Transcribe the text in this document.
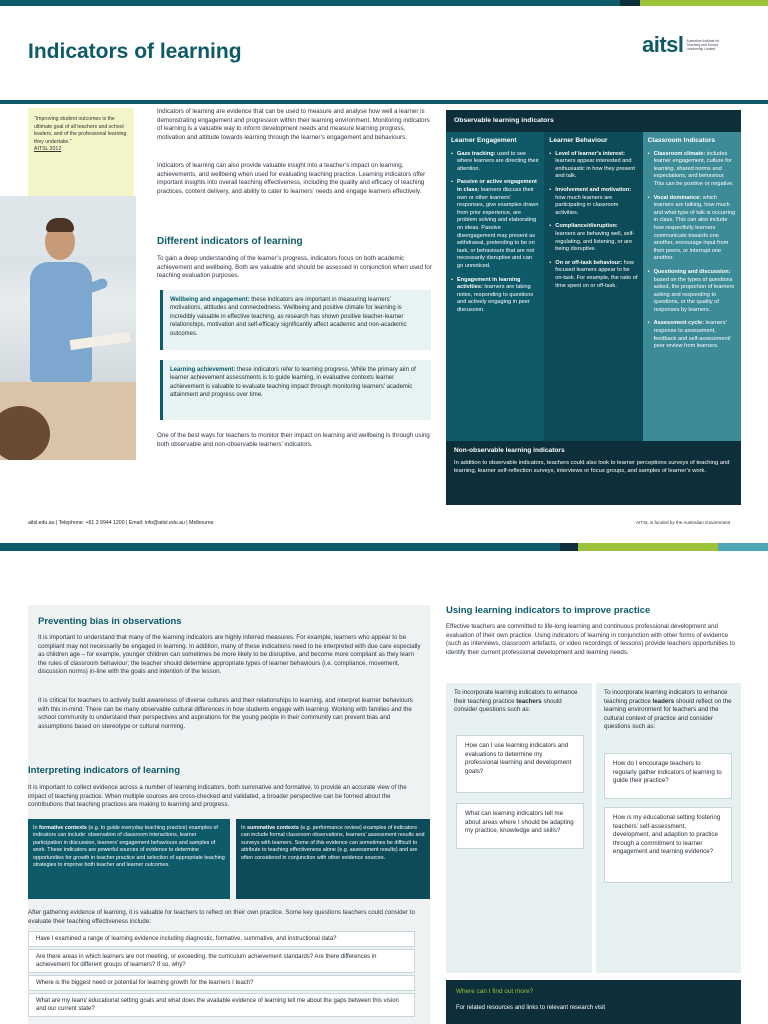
Indicators of learning	aitsl Australian Institute for Teaching and School Leadership Limited
“Improving student outcomes is the ultimate goal of all teachers and school leaders, and of the professional learning they undertake.”
AITSL 2012
Indicators of learning are evidence that can be used to measure and analyse how well a learner is demonstrating engagement and progression within their learning environment. Monitoring indicators of learning is a valuable way to inform development needs and measure learning progress, motivation and attitude towards learning through the learner’s engagement and behaviours.
Indicators of learning can also provide valuable insight into a teacher’s impact on learning, achievements, and wellbeing when used for evaluating teaching practice. Learning indicators offer important insights into overall teaching effectiveness, including the quality and efficacy of teaching practices, content delivery, and ability to cater to learners’ needs and engage learners effectively.
Different indicators of learning
To gain a deep understanding of the learner’s progress, indicators focus on both academic achievement and wellbeing. Both are valuable and should be assessed in conjunction when used for teaching evaluation purposes.
Wellbeing and engagement: these indicators are important in measuring learners’ motivations, attitudes and connectedness. Wellbeing and positive climate for learning is incredibly valuable in effective teaching, as research has shown positive teacher-learner relationships, motivation and self-efficacy significantly affect academic and non-academic outcomes.
Learning achievement: these indicators refer to learning progress. While the primary aim of learner achievement assessments is to guide learning, in evaluative contexts learner achievement is valuable to evaluate teaching impact through monitoring learners’ academic attainment and progress over time.
One of the best ways for teachers to monitor their impact on learning and wellbeing is through using both observable and non-observable learners’ indicators.
Observable learning indicators
Learner Engagement
• Gaze tracking: used to see where learners are directing their attention.
• Passive or active engagement in class: learners discuss their own or other learners’ responses, give examples drawn from prior experience, are problem solving and elaborating on ideas. Passive disengagement may present as withdrawal, pretending to be on task, or behaviours that are not necessarily disruptive and can go unnoticed.
• Engagement in learning activities: learners are taking notes, responding to questions and actively engaging in peer discussion.
Learner Behaviour
• Level of learner’s interest: learners appear interested and enthusiastic in how they present and talk.
• Involvement and motivation: how much learners are participating in classroom activities.
• Compliance/disruption: learners are behaving well, self-regulating, and listening, or are being disruptive.
• On or off-task behaviour: how focused learners appear to be on-task. For example, the ratio of time spent on or off-task.
Classroom Indicators
• Classroom climate: includes learner engagement, culture for learning, shared norms and expectations, and behaviour. This can be positive or negative.
• Vocal dominance: which learners are talking, how much and what type of talk is occurring in class. This can also include how respectfully learners communicate towards one another, encourage input from their peers, or interrupt one another.
• Questioning and discussion: based on the types of questions asked, the proportion of learners asking and responding to questions, or the quality of responses by learners.
• Assessment cycle: learners’ response to assessment, feedback and self-assessment/ peer review from learners.
Non-observable learning indicators
In addition to observable indicators, teachers could also look to learner perceptions surveys of teaching and learning, learner self-reflection surveys, interviews or focus groups, and samples of learner’s work.
aitsl.edu.au | Telephone: +61 3 9944 1200 | Email: info@aitsl.edu.au | Melbourne	AITSL is funded by the Australian Government
Preventing bias in observations
It is important to understand that many of the learning indicators are highly inferred measures. For example, learners who appear to be compliant may not necessarily be engaged in learning. In addition, many of these indications need to be interpreted with due care especially as children age – for example, younger children can sometimes be more likely to be disruptive, and become more compliant as they learn the rules of classroom behaviour; the teacher should determine appropriate types of learner behaviours (i.e. compliance, movement, discussion norms) in-line with the goals and intention of the lesson.
It is critical for teachers to actively build awareness of diverse cultures and their relationships to learning, and interpret learner behaviours with this in-mind. There can be many observable cultural differences in how students engage with learning. Working with families and the school community to understand their perspectives and aspirations for the young people in their community can prevent bias and assumptions based on stereotype or cultural norming.
Interpreting indicators of learning
It is important to collect evidence across a number of learning indicators, both summative and formative, to provide an accurate view of the impact of teaching practice. When multiple sources are cross-checked and validated, a broader perspective can be formed about the contributions that teaching practices are making to learning and progress.
In formative contexts (e.g. to guide everyday teaching practice) examples of indicators can include: observation of classroom interactions, learner participation in discussion, learners’ engagement behaviours and samples of work. These indicators are powerful sources of evidence to determine opportunities for growth in teacher practice and selection of appropriate teaching strategies to improve both teacher and learner outcomes.
In summative contexts (e.g. performance review) examples of indicators can include formal classroom observations, learners’ assessment results and surveys with learners. Some of this evidence can sometimes be difficult to attribute to teaching effectiveness alone (e.g. assessment results) and are often considered in conjunction with other evidence sources.
After gathering evidence of learning, it is valuable for teachers to reflect on their own practice. Some key questions teachers could consider to evaluate their teaching effectiveness include:
Have I examined a range of learning evidence including diagnostic, formative, summative, and instructional data?
Are there areas in which learners are not meeting, or exceeding, the curriculum achievement standards? Are there differences in achievement for different groups of learners? If so, why?
Where is the biggest need or potential for learning growth for the learners I teach?
What are my team/ educational setting goals and what does the available evidence of learning tell me about the gaps between this vision and our current state?
Using learning indicators to improve practice
Effective teachers are committed to life-long learning and continuous professional development and evaluation of their own practice. Using indicators of learning in conjunction with other forms of evidence (such as interviews, classroom artefacts, or video recordings of lessons) provide teachers opportunities to identify their current professional development and learning needs.
To incorporate learning indicators to enhance their teaching practice teachers should consider questions such as:
How can I use learning indicators and evaluations to determine my professional learning and development goals?
What can learning indicators tell me about areas where I should be adapting my practice, knowledge and skills?
To incorporate learning indicators to enhance teaching practice leaders should reflect on the learning environment for teachers and the cultural context of practice and consider questions such as:
How do I encourage teachers to regularly gather indicators of learning to guide their practice?
How is my educational setting fostering teachers’ self-assessment, development, and adaption to practice through a commitment to learner engagement and learning evidence?
Where can I find out more?
For related resources and links to relevant research visit
